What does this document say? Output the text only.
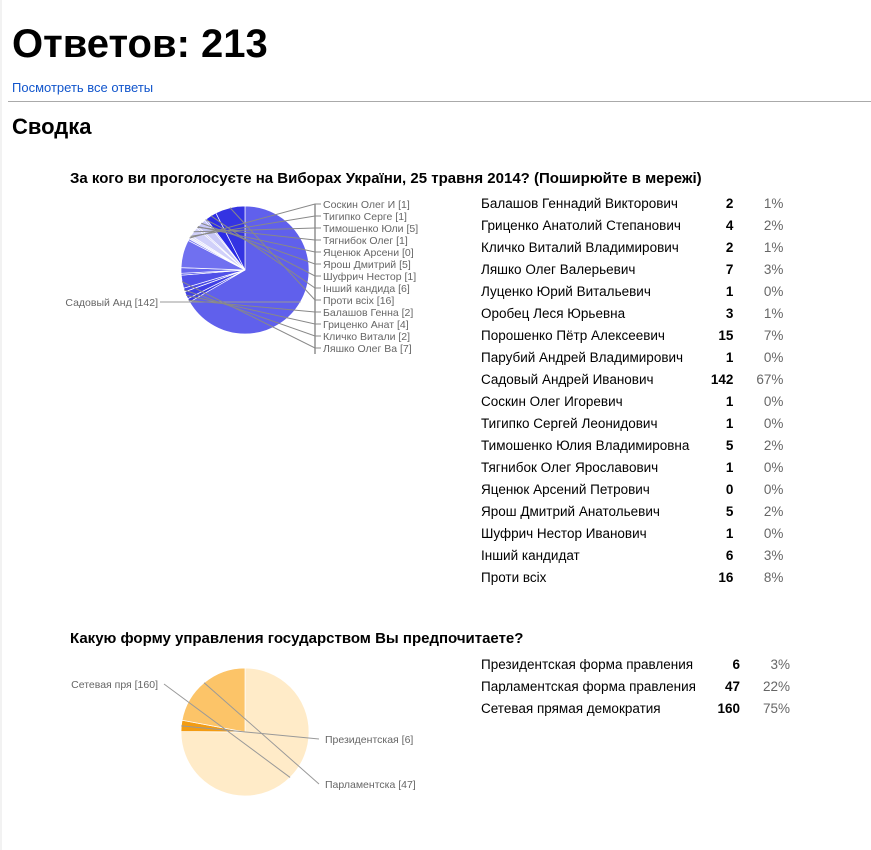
Ответов: 213
Посмотреть все ответы
Сводка
За кого ви проголосуєте на Виборах України, 25 травня 2014? (Поширюйте в мережі)
Садовый Анд [142]
Соскин Олег И [1]
Тигипко Серге [1]
Тимошенко Юли [5]
Тягнибок Олег [1]
Яценюк Арсени [0]
Ярош Дмитрий [5]
Шуфрич Нестор [1]
Інший кандида [6]
Проти всіх [16]
Балашов Генна [2]
Гриценко Анат [4]
Кличко Витали [2]
Ляшко Олег Ва [7]
Балашов Геннадий Викторович	2	1%
Гриценко Анатолий Степанович	4	2%
Кличко Виталий Владимирович	2	1%
Ляшко Олег Валерьевич	7	3%
Луценко Юрий Витальевич	1	0%
Оробец Леся Юрьевна	3	1%
Порошенко Пётр Алексеевич	15	7%
Парубий Андрей Владимирович	1	0%
Садовый Андрей Иванович	142	67%
Соскин Олег Игоревич	1	0%
Тигипко Сергей Леонидович	1	0%
Тимошенко Юлия Владимировна	5	2%
Тягнибок Олег Ярославович	1	0%
Яценюк Арсений Петрович	0	0%
Ярош Дмитрий Анатольевич	5	2%
Шуфрич Нестор Иванович	1	0%
Інший кандидат	6	3%
Проти всіх	16	8%
Какую форму управления государством Вы предпочитаете?
Сетевая пря [160]
Президентская [6]
Парламентска [47]
Президентская форма правления	6	3%
Парламентская форма правления	47	22%
Сетевая прямая демократия	160	75%
